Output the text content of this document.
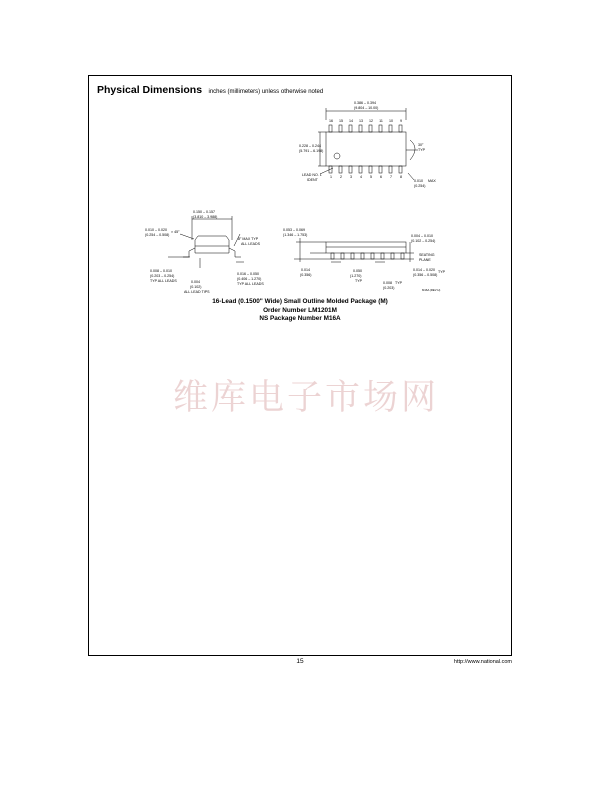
Physical Dimensions inches (millimeters) unless otherwise noted
0.386 – 0.394
(9.804 – 10.00)
16 15 14 13 12 11 10 9
1 2 3 4 5 6 7 8
0.228 – 0.244
(5.791 – 6.198)
30°
TYP
LEAD NO. 1
IDENT	0.010 MAX
(0.254)
0.150 – 0.157
(3.810 – 3.988)
0.010 – 0.020 × 45°
(0.254 – 0.508)
8° MAX TYP
ALL LEADS
0.008 – 0.010
(0.203 – 0.254)
TYP ALL LEADS	0.004
(0.102)
ALL LEAD TIPS
0.016 – 0.050
(0.406 – 1.270)
TYP ALL LEADS
0.053 – 0.069
(1.346 – 1.753)	0.004 – 0.010
(0.102 – 0.254)
SEATING
PLANE
0.014
(0.356)
0.050
(1.270)
TYP	0.008 TYP
(0.203)
0.014 – 0.020 TYP
(0.356 – 0.508)
M16A (REV H)
16-Lead (0.1500" Wide) Small Outline Molded Package (M)
Order Number LM1201M
NS Package Number M16A
维库电子市场网
15	http://www.national.com
